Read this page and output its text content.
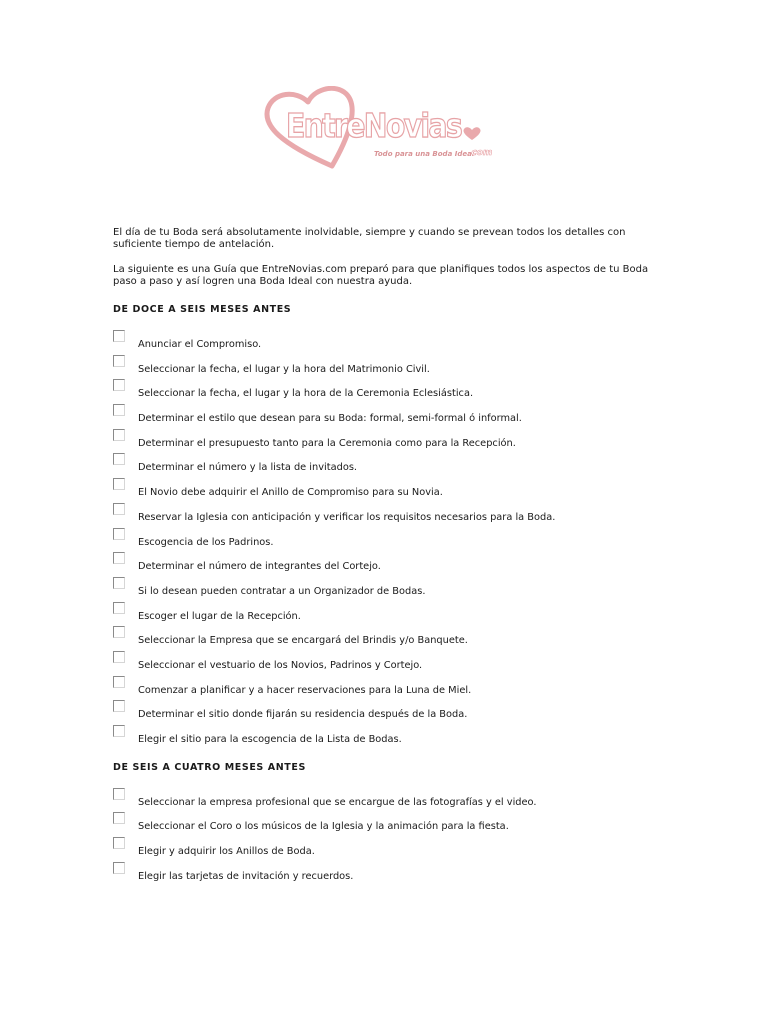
EntreNovias
Todo para una Boda Ideal
.com

El día de tu Boda será absolutamente inolvidable, siempre y cuando se prevean todos los detalles con suficiente tiempo de antelación.

La siguiente es una Guía que EntreNovias.com preparó para que planifiques todos los aspectos de tu Boda paso a paso y así logren una Boda Ideal con nuestra ayuda.

DE DOCE A SEIS MESES ANTES
Anunciar el Compromiso.
Seleccionar la fecha, el lugar y la hora del Matrimonio Civil.
Seleccionar la fecha, el lugar y la hora de la Ceremonia Eclesiástica.
Determinar el estilo que desean para su Boda: formal, semi-formal ó informal.
Determinar el presupuesto tanto para la Ceremonia como para la Recepción.
Determinar el número y la lista de invitados.
El Novio debe adquirir el Anillo de Compromiso para su Novia.
Reservar la Iglesia con anticipación y verificar los requisitos necesarios para la Boda.
Escogencia de los Padrinos.
Determinar el número de integrantes del Cortejo.
Si lo desean pueden contratar a un Organizador de Bodas.
Escoger el lugar de la Recepción.
Seleccionar la Empresa que se encargará del Brindis y/o Banquete.
Seleccionar el vestuario de los Novios, Padrinos y Cortejo.
Comenzar a planificar y a hacer reservaciones para la Luna de Miel.
Determinar el sitio donde fijarán su residencia después de la Boda.
Elegir el sitio para la escogencia de la Lista de Bodas.
DE SEIS A CUATRO MESES ANTES
Seleccionar la empresa profesional que se encargue de las fotografías y el video.
Seleccionar el Coro o los músicos de la Iglesia y la animación para la fiesta.
Elegir y adquirir los Anillos de Boda.
Elegir las tarjetas de invitación y recuerdos.
